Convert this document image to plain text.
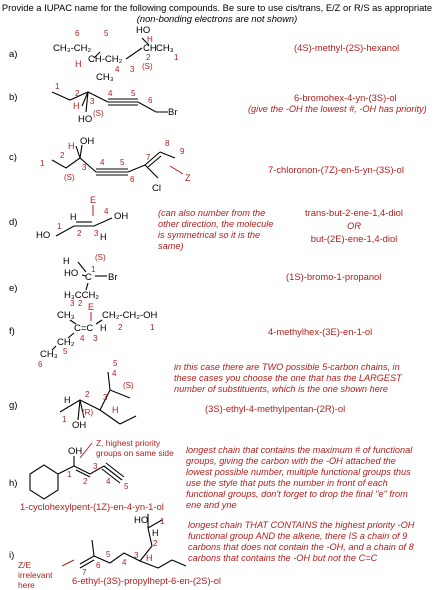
Provide a IUPAC name for the following compounds. Be sure to use cis/trans, E/Z or R/S as appropriate
(non-bonding electrons are not shown)
a)
6	5
CH₃-CH₂
CH-CH₂
HO
CH CH₃
H
H
CH₃
4 3
2	1
(S)
(4S)-methyl-(2S)-hexanol
b)
1
2
3
4 5
6
H
(S)
HO
Br
6-bromohex-4-yn-(3S)-ol
(give the -OH the lowest #, -OH has priority)
c)
1
2
3
4 5
6
7
8
9
H OH
(S)
Cl
Z
7-chloronon-(7Z)-en-5-yn-(3S)-ol
d)
E
HO
OH
H
H
1
2 3
4	(can also number from the other direction, the molecule is symmetrical so it is the same)
trans-but-2-ene-1,4-diol
OR
but-(2E)-ene-1,4-diol
e)
(S)
H
HO C Br
H₃CCH₂
3 2
1
(1S)-bromo-1-propanol
f)
E
CH₃	CH₂-CH₂-OH
C=C H
CH₂
CH₃
1
2
3
4
5
6
4-methylhex-(3E)-en-1-ol
g)
OH
(R) H
H
(S)
1
2 3
4
5	in this case there are TWO possible 5-carbon chains, in these cases you choose the one that has the LARGEST number of substituents, which is the one shown here
(3S)-ethyl-4-methylpentan-(2R)-ol
h)
Z, highest priority groups on same side
OH
1
2
3
4
5
longest chain that contains the maximum # of functional groups, giving the carbon with the -OH attached the lowest possible number, multiple functional groups thus use the style that puts the number in front of each functional groups, don't forget to drop the final "e" from ene and yne
1-cyclohexylpent-(1Z)-en-4-yn-1-ol
i)
Z/E irrelevant here
HO
H
H
1
2
3
4
5
6
7
longest chain THAT CONTAINS the highest priority -OH functional group AND the alkene, there IS a chain of 9 carbons that does not contain the -OH, and a chain of 8 carbons that contains the -OH but not the C=C
6-ethyl-(3S)-propylhept-6-en-(2S)-ol
